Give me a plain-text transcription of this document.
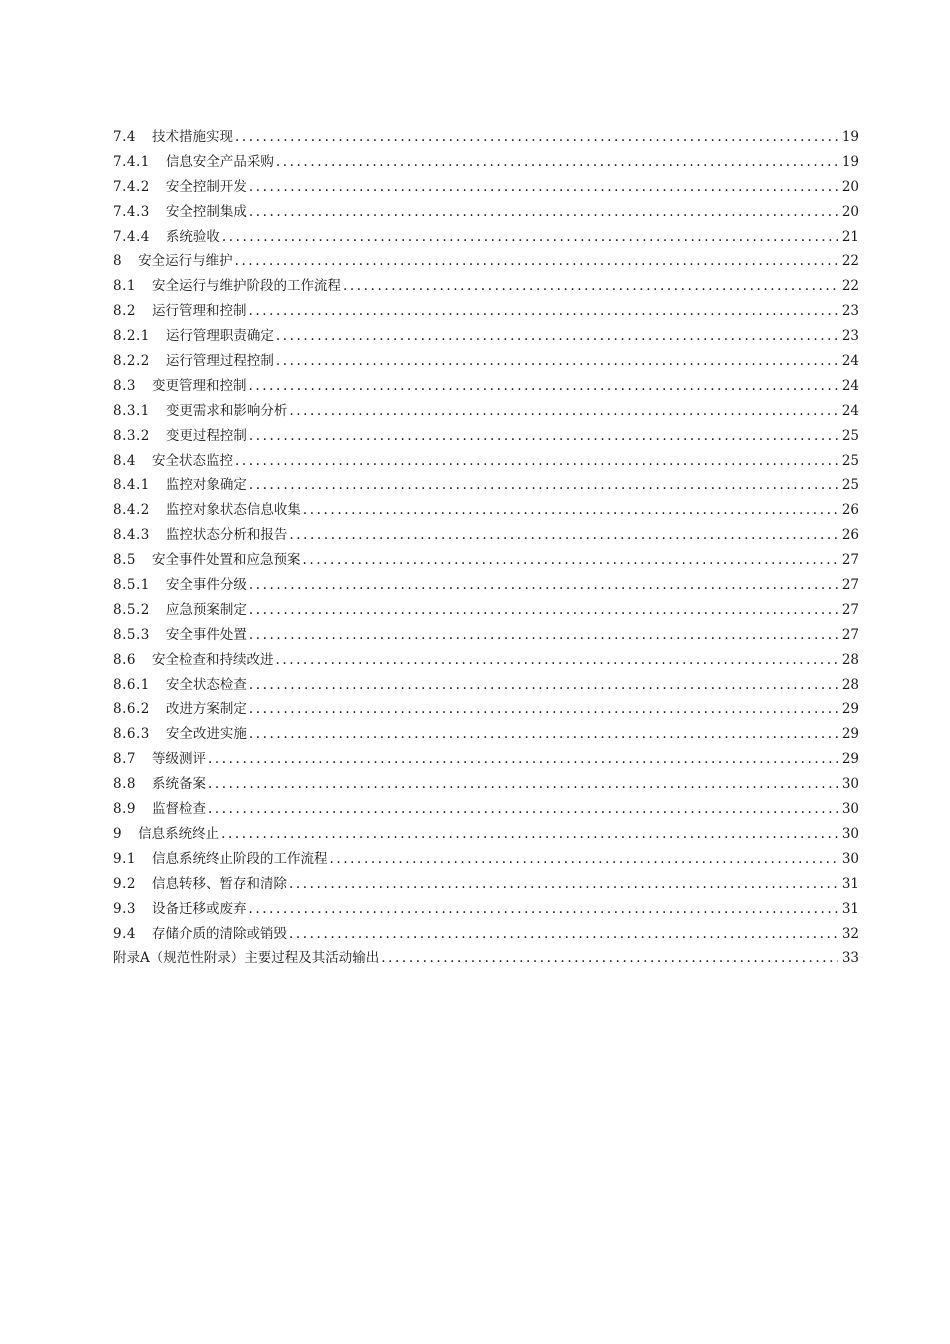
7.4 技术措施实现 .....	19
7.4.1 信息安全产品采购 .....	19
7.4.2 安全控制开发 .....	20
7.4.3 安全控制集成 .....	20
7.4.4 系统验收 .....	21
8 安全运行与维护 .....	22
8.1 安全运行与维护阶段的工作流程 .....	22
8.2 运行管理和控制 .....	23
8.2.1 运行管理职责确定 .....	23
8.2.2 运行管理过程控制 .....	24
8.3 变更管理和控制 .....	24
8.3.1 变更需求和影响分析 .....	24
8.3.2 变更过程控制 .....	25
8.4 安全状态监控 .....	25
8.4.1 监控对象确定 .....	25
8.4.2 监控对象状态信息收集 .....	26
8.4.3 监控状态分析和报告 .....	26
8.5 安全事件处置和应急预案 .....	27
8.5.1 安全事件分级 .....	27
8.5.2 应急预案制定 .....	27
8.5.3 安全事件处置 .....	27
8.6 安全检查和持续改进 .....	28
8.6.1 安全状态检查 .....	28
8.6.2 改进方案制定 .....	29
8.6.3 安全改进实施 .....	29
8.7 等级测评 .....	29
8.8 系统备案 .....	30
8.9 监督检查 .....	30
9 信息系统终止 .....	30
9.1 信息系统终止阶段的工作流程 .....	30
9.2 信息转移、暂存和清除 .....	31
9.3 设备迁移或废弃 .....	31
9.4 存储介质的清除或销毁 .....	32
附录A（规范性附录）主要过程及其活动输出 .....	33
